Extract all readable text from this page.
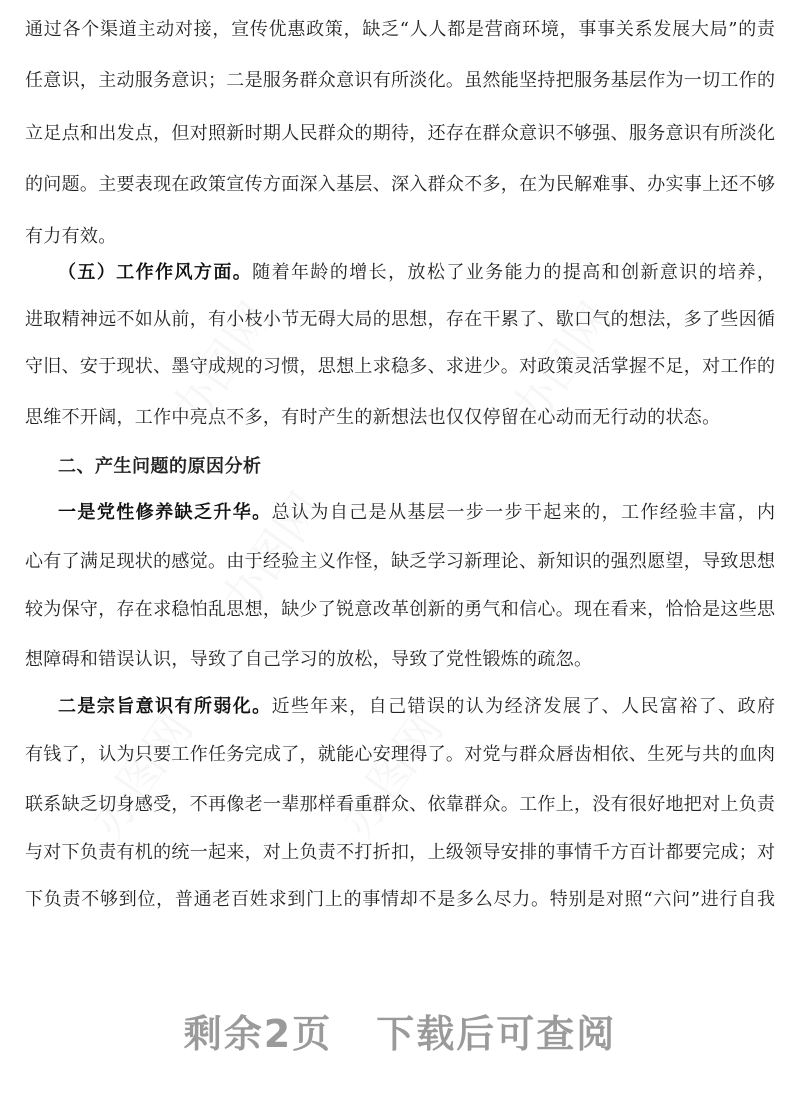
通过各个渠道主动对接，宣传优惠政策，缺乏“人人都是营商环境，事事关系发展大局”的责
任意识，主动服务意识；二是服务群众意识有所淡化。虽然能坚持把服务基层作为一切工作的
立足点和出发点，但对照新时期人民群众的期待，还存在群众意识不够强、服务意识有所淡化
的问题。主要表现在政策宣传方面深入基层、深入群众不多，在为民解难事、办实事上还不够
有力有效。
（五）工作作风方面。随着年龄的增长，放松了业务能力的提高和创新意识的培养，
进取精神远不如从前，有小枝小节无碍大局的思想，存在干累了、歇口气的想法，多了些因循
守旧、安于现状、墨守成规的习惯，思想上求稳多、求进少。对政策灵活掌握不足，对工作的
思维不开阔，工作中亮点不多，有时产生的新想法也仅仅停留在心动而无行动的状态。
二、产生问题的原因分析
一是党性修养缺乏升华。总认为自己是从基层一步一步干起来的，工作经验丰富，内
心有了满足现状的感觉。由于经验主义作怪，缺乏学习新理论、新知识的强烈愿望，导致思想
较为保守，存在求稳怕乱思想，缺少了锐意改革创新的勇气和信心。现在看来，恰恰是这些思
想障碍和错误认识，导致了自己学习的放松，导致了党性锻炼的疏忽。
二是宗旨意识有所弱化。近些年来，自己错误的认为经济发展了、人民富裕了、政府
有钱了，认为只要工作任务完成了，就能心安理得了。对党与群众唇齿相依、生死与共的血肉
联系缺乏切身感受，不再像老一辈那样看重群众、依靠群众。工作上，没有很好地把对上负责
与对下负责有机的统一起来，对上负责不打折扣，上级领导安排的事情千方百计都要完成；对
下负责不够到位，普通老百姓求到门上的事情却不是多么尽力。特别是对照“六问”进行自我
剩余2页 下载后可查阅
